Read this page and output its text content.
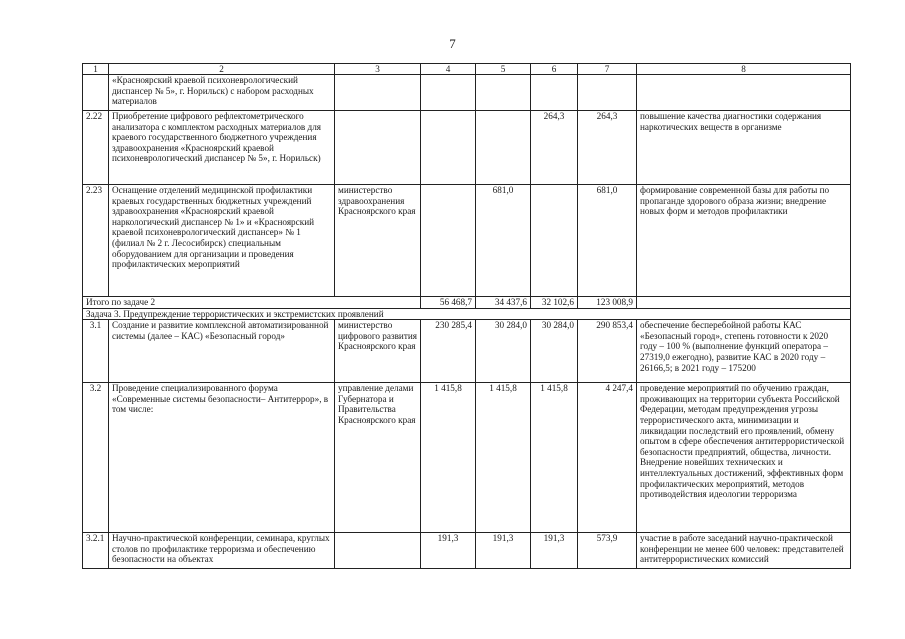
7
1	2	3	4	5	6	7	8
	«Красноярский краевой психоневрологический диспансер № 5», г. Норильск) с набором расходных материалов						
2.22	Приобретение цифрового рефлектометрического анализатора с комплектом расходных материалов для краевого государственного бюджетного учреждения здравоохранения «Красноярский краевой психоневрологический диспансер № 5», г. Норильск)				264,3	264,3	повышение качества диагностики содержания наркотических веществ в организме
2.23	Оснащение отделений медицинской профилактики краевых государственных бюджетных учреждений здравоохранения «Красноярский краевой наркологический диспансер № 1» и «Красноярский краевой психоневрологический диспансер» № 1 (филиал № 2 г. Лесосибирск) специальным оборудованием для организации и проведения профилактических мероприятий	министерство здравоохранения Красноярского края		681,0		681,0	формирование современной базы для работы по пропаганде здорового образа жизни; внедрение новых форм и методов профилактики
Итого по задаче 2			56 468,7	34 437,6	32 102,6	123 008,9	
Задача 3. Предупреждение террористических и экстремистских проявлений							
3.1	Создание и развитие комплексной автоматизированной системы (далее – КАС) «Безопасный город»	министерство цифрового развития Красноярского края	230 285,4	30 284,0	30 284,0	290 853,4	обеспечение бесперебойной работы КАС «Безопасный город», степень готовности к 2020 году – 100 % (выполнение функций оператора – 27319,0 ежегодно), развитие КАС в 2020 году – 26166,5; в 2021 году – 175200
3.2	Проведение специализированного форума «Современные системы безопасности– Антитеррор», в том числе:	управление делами Губернатора и Правительства Красноярского края	1 415,8	1 415,8	1 415,8	4 247,4	проведение мероприятий по обучению граждан, проживающих на территории субъекта Российской Федерации, методам предупреждения угрозы террористического акта, минимизации и ликвидации последствий его проявлений, обмену опытом в сфере обеспечения антитеррористической безопасности предприятий, общества, личности. Внедрение новейших технических и интеллектуальных достижений, эффективных форм профилактических мероприятий, методов противодействия идеологии терроризма
3.2.1	Научно-практической конференции, семинара, круглых столов по профилактике терроризма и обеспечению безопасности на объектах		191,3	191,3	191,3	573,9	участие в работе заседаний научно-практической конференции не менее 600 человек: представителей антитеррористических комиссий
